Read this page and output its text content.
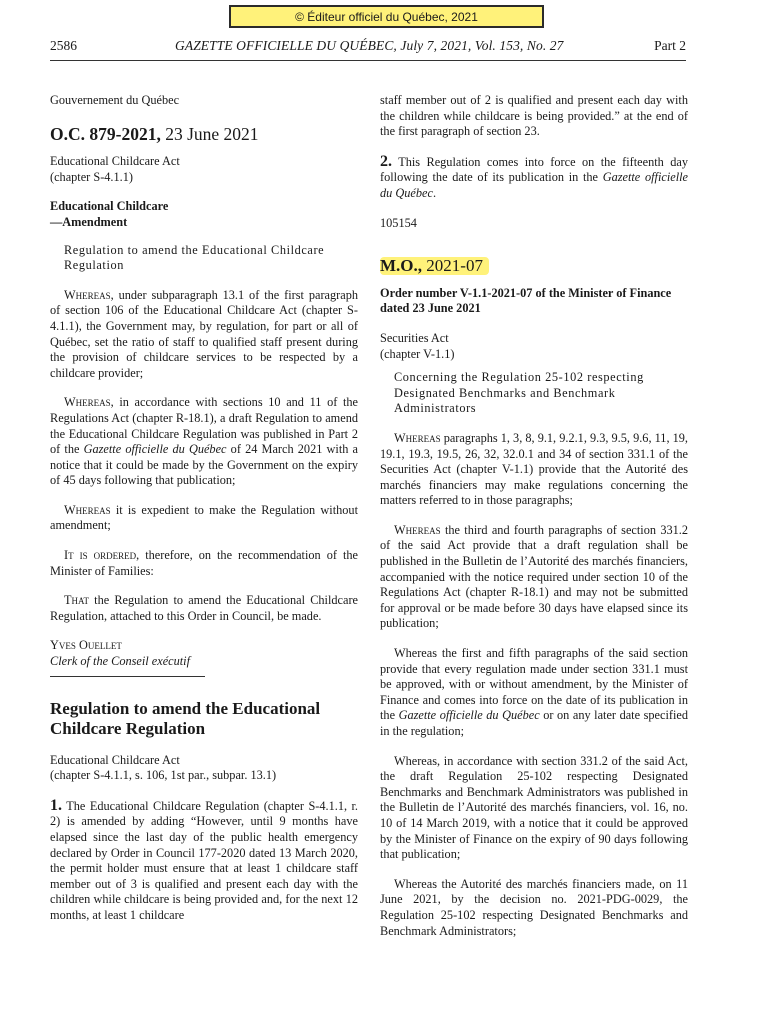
© Éditeur officiel du Québec, 2021
2586	GAZETTE OFFICIELLE DU QUÉBEC, July 7, 2021, Vol. 153, No. 27	Part 2

Gouvernement du Québec

O.C. 879-2021, 23 June 2021

Educational Childcare Act
(chapter S-4.1.1)

Educational Childcare
—Amendment

Regulation to amend the Educational Childcare Regulation

Whereas, under subparagraph 13.1 of the first paragraph of section 106 of the Educational Childcare Act (chapter S-4.1.1), the Government may, by regulation, for part or all of Québec, set the ratio of staff to qualified staff present during the provision of childcare services to be respected by a childcare provider;

Whereas, in accordance with sections 10 and 11 of the Regulations Act (chapter R-18.1), a draft Regulation to amend the Educational Childcare Regulation was published in Part 2 of the Gazette officielle du Québec of 24 March 2021 with a notice that it could be made by the Government on the expiry of 45 days following that publication;

Whereas it is expedient to make the Regulation without amendment;

It is ordered, therefore, on the recommendation of the Minister of Families:

That the Regulation to amend the Educational Childcare Regulation, attached to this Order in Council, be made.

Yves Ouellet
Clerk of the Conseil exécutif

Regulation to amend the Educational Childcare Regulation

Educational Childcare Act
(chapter S-4.1.1, s. 106, 1st par., subpar. 13.1)

1. The Educational Childcare Regulation (chapter S-4.1.1, r. 2) is amended by adding “However, until 9 months have elapsed since the last day of the public health emergency declared by Order in Council 177-2020 dated 13 March 2020, the permit holder must ensure that at least 1 childcare staff member out of 3 is qualified and present each day with the children while childcare is being provided and, for the next 12 months, at least 1 childcare

staff member out of 2 is qualified and present each day with the children while childcare is being provided.” at the end of the first paragraph of section 23.

2. This Regulation comes into force on the fifteenth day following the date of its publication in the Gazette officielle du Québec.

105154

M.O., 2021-07

Order number V-1.1-2021-07 of the Minister of Finance dated 23 June 2021

Securities Act
(chapter V-1.1)

Concerning the Regulation 25-102 respecting Designated Benchmarks and Benchmark Administrators

Whereas paragraphs 1, 3, 8, 9.1, 9.2.1, 9.3, 9.5, 9.6, 11, 19, 19.1, 19.3, 19.5, 26, 32, 32.0.1 and 34 of section 331.1 of the Securities Act (chapter V-1.1) provide that the Autorité des marchés financiers may make regulations concerning the matters referred to in those paragraphs;

Whereas the third and fourth paragraphs of section 331.2 of the said Act provide that a draft regulation shall be published in the Bulletin de l’Autorité des marchés financiers, accompanied with the notice required under section 10 of the Regulations Act (chapter R-18.1) and may not be submitted for approval or be made before 30 days have elapsed since its publication;

Whereas the first and fifth paragraphs of the said section provide that every regulation made under section 331.1 must be approved, with or without amendment, by the Minister of Finance and comes into force on the date of its publication in the Gazette officielle du Québec or on any later date specified in the regulation;

Whereas, in accordance with section 331.2 of the said Act, the draft Regulation 25-102 respecting Designated Benchmarks and Benchmark Administrators was published in the Bulletin de l’Autorité des marchés financiers, vol. 16, no. 10 of 14 March 2019, with a notice that it could be approved by the Minister of Finance on the expiry of 90 days following that publication;

Whereas the Autorité des marchés financiers made, on 11 June 2021, by the decision no. 2021-PDG-0029, the Regulation 25-102 respecting Designated Benchmarks and Benchmark Administrators;
